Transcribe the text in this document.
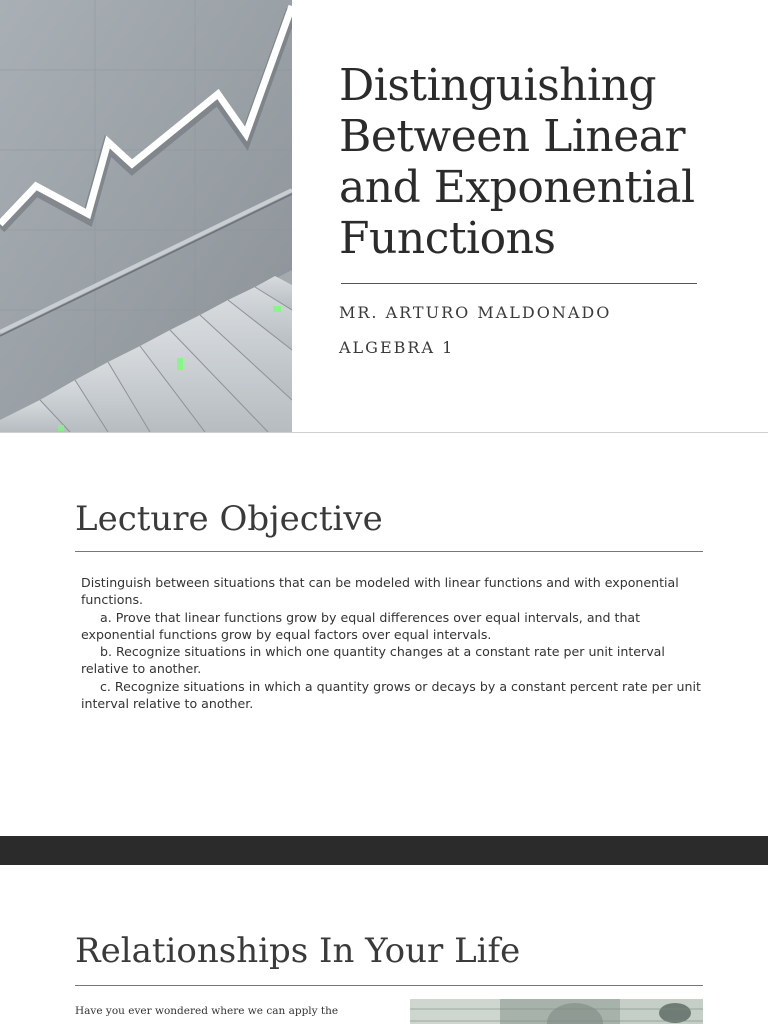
Distinguishing Between Linear and Exponential Functions
MR. ARTURO MALDONADO
ALGEBRA 1
Lecture Objective

Distinguish between situations that can be modeled with linear functions and with exponential functions.

a. Prove that linear functions grow by equal differences over equal intervals, and that exponential functions grow by equal factors over equal intervals.

b. Recognize situations in which one quantity changes at a constant rate per unit interval relative to another.

c. Recognize situations in which a quantity grows or decays by a constant percent rate per unit interval relative to another.

Relationships In Your Life
Have you ever wondered where we can apply the
